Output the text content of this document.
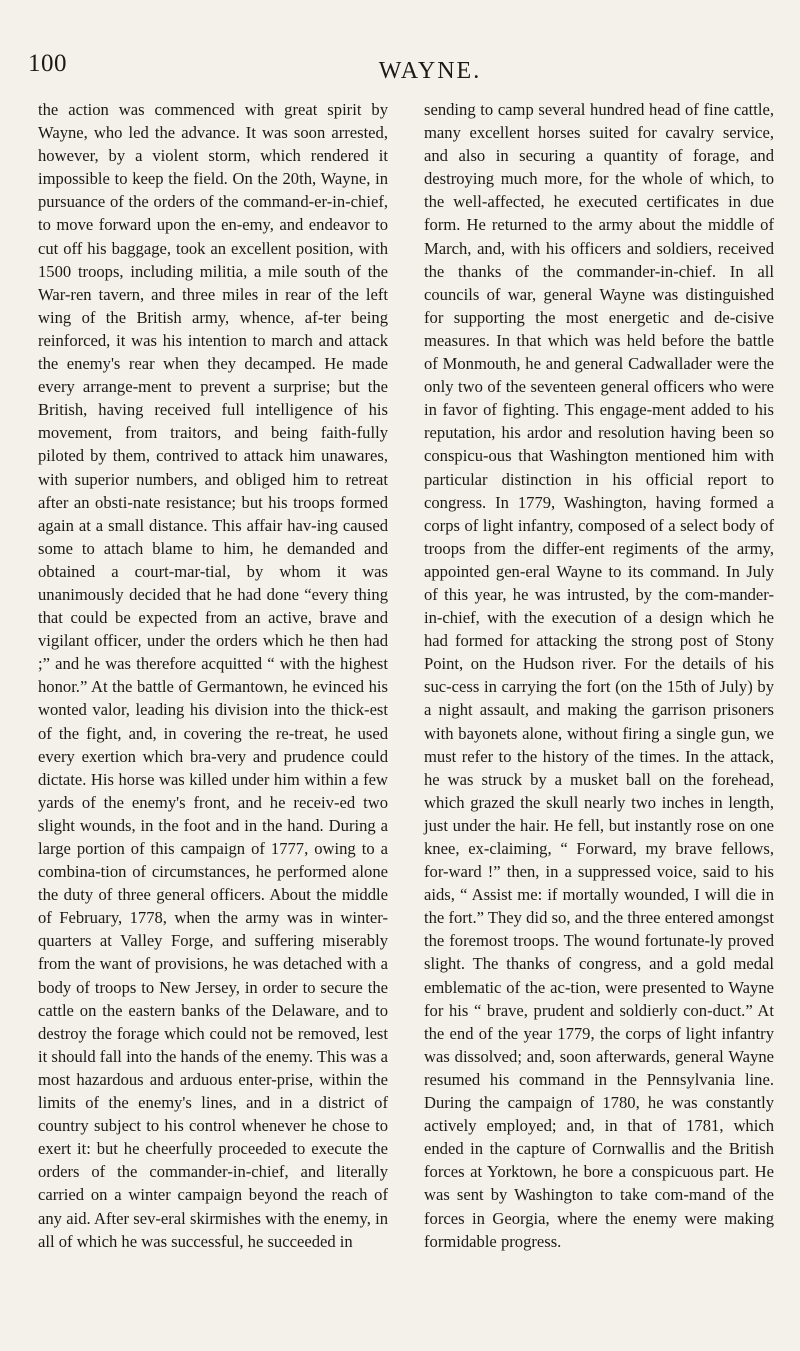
100	WAYNE.

the action was commenced with great spirit by Wayne, who led the advance. It was soon arrested, however, by a violent storm, which rendered it impossible to keep the field. On the 20th, Wayne, in pursuance of the orders of the command-er-in-chief, to move forward upon the en-emy, and endeavor to cut off his baggage, took an excellent position, with 1500 troops, including militia, a mile south of the War-ren tavern, and three miles in rear of the left wing of the British army, whence, af-ter being reinforced, it was his intention to march and attack the enemy's rear when they decamped. He made every arrange-ment to prevent a surprise; but the British, having received full intelligence of his movement, from traitors, and being faith-fully piloted by them, contrived to attack him unawares, with superior numbers, and obliged him to retreat after an obsti-nate resistance; but his troops formed again at a small distance. This affair hav-ing caused some to attach blame to him, he demanded and obtained a court-mar-tial, by whom it was unanimously decided that he had done “every thing that could be expected from an active, brave and vigilant officer, under the orders which he then had ;” and he was therefore acquitted “ with the highest honor.” At the battle of Germantown, he evinced his wonted valor, leading his division into the thick-est of the fight, and, in covering the re-treat, he used every exertion which bra-very and prudence could dictate. His horse was killed under him within a few yards of the enemy's front, and he receiv-ed two slight wounds, in the foot and in the hand. During a large portion of this campaign of 1777, owing to a combina-tion of circumstances, he performed alone the duty of three general officers. About the middle of February, 1778, when the army was in winter-quarters at Valley Forge, and suffering miserably from the want of provisions, he was detached with a body of troops to New Jersey, in order to secure the cattle on the eastern banks of the Delaware, and to destroy the forage which could not be removed, lest it should fall into the hands of the enemy. This was a most hazardous and arduous enter-prise, within the limits of the enemy's lines, and in a district of country subject to his control whenever he chose to exert it: but he cheerfully proceeded to execute the orders of the commander-in-chief, and literally carried on a winter campaign beyond the reach of any aid. After sev-eral skirmishes with the enemy, in all of which he was successful, he succeeded in

sending to camp several hundred head of fine cattle, many excellent horses suited for cavalry service, and also in securing a quantity of forage, and destroying much more, for the whole of which, to the well-affected, he executed certificates in due form. He returned to the army about the middle of March, and, with his officers and soldiers, received the thanks of the commander-in-chief. In all councils of war, general Wayne was distinguished for supporting the most energetic and de-cisive measures. In that which was held before the battle of Monmouth, he and general Cadwallader were the only two of the seventeen general officers who were in favor of fighting. This engage-ment added to his reputation, his ardor and resolution having been so conspicu-ous that Washington mentioned him with particular distinction in his official report to congress. In 1779, Washington, having formed a corps of light infantry, composed of a select body of troops from the differ-ent regiments of the army, appointed gen-eral Wayne to its command. In July of this year, he was intrusted, by the com-mander-in-chief, with the execution of a design which he had formed for attacking the strong post of Stony Point, on the Hudson river. For the details of his suc-cess in carrying the fort (on the 15th of July) by a night assault, and making the garrison prisoners with bayonets alone, without firing a single gun, we must refer to the history of the times. In the attack, he was struck by a musket ball on the forehead, which grazed the skull nearly two inches in length, just under the hair. He fell, but instantly rose on one knee, ex-claiming, “ Forward, my brave fellows, for-ward !” then, in a suppressed voice, said to his aids, “ Assist me: if mortally wounded, I will die in the fort.” They did so, and the three entered amongst the foremost troops. The wound fortunate-ly proved slight. The thanks of congress, and a gold medal emblematic of the ac-tion, were presented to Wayne for his “ brave, prudent and soldierly con-duct.” At the end of the year 1779, the corps of light infantry was dissolved; and, soon afterwards, general Wayne resumed his command in the Pennsylvania line. During the campaign of 1780, he was constantly actively employed; and, in that of 1781, which ended in the capture of Cornwallis and the British forces at Yorktown, he bore a conspicuous part. He was sent by Washington to take com-mand of the forces in Georgia, where the enemy were making formidable progress.
